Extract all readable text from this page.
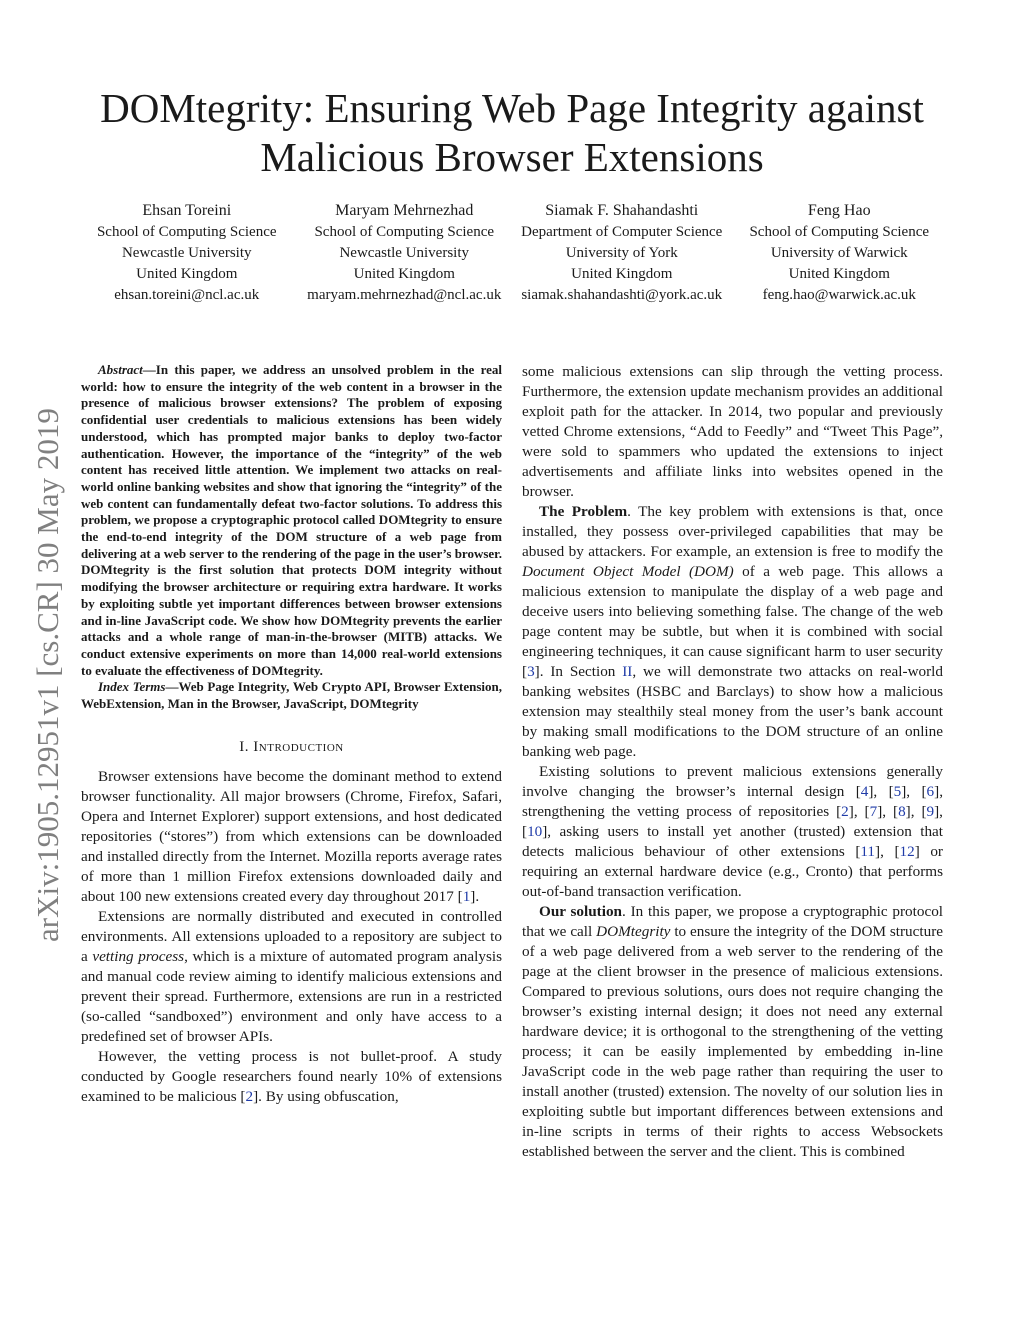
arXiv:1905.12951v1 [cs.CR] 30 May 2019
DOMtegrity: Ensuring Web Page Integrity against Malicious Browser Extensions
Ehsan Toreini
School of Computing Science
Newcastle University
United Kingdom
ehsan.toreini@ncl.ac.uk
Maryam Mehrnezhad
School of Computing Science
Newcastle University
United Kingdom
maryam.mehrnezhad@ncl.ac.uk
Siamak F. Shahandashti
Department of Computer Science
University of York
United Kingdom
siamak.shahandashti@york.ac.uk
Feng Hao
School of Computing Science
University of Warwick
United Kingdom
feng.hao@warwick.ac.uk

Abstract—In this paper, we address an unsolved problem in the real world: how to ensure the integrity of the web content in a browser in the presence of malicious browser extensions? The problem of exposing confidential user credentials to malicious extensions has been widely understood, which has prompted major banks to deploy two-factor authentication. However, the importance of the “integrity” of the web content has received little attention. We implement two attacks on real-world online banking websites and show that ignoring the “integrity” of the web content can fundamentally defeat two-factor solutions. To address this problem, we propose a cryptographic protocol called DOMtegrity to ensure the end-to-end integrity of the DOM structure of a web page from delivering at a web server to the rendering of the page in the user’s browser. DOMtegrity is the first solution that protects DOM integrity without modifying the browser architecture or requiring extra hardware. It works by exploiting subtle yet important differences between browser extensions and in-line JavaScript code. We show how DOMtegrity prevents the earlier attacks and a whole range of man-in-the-browser (MITB) attacks. We conduct extensive experiments on more than 14,000 real-world extensions to evaluate the effectiveness of DOMtegrity.

Index Terms—Web Page Integrity, Web Crypto API, Browser Extension, WebExtension, Man in the Browser, JavaScript, DOMtegrity

I. Introduction

Browser extensions have become the dominant method to extend browser functionality. All major browsers (Chrome, Firefox, Safari, Opera and Internet Explorer) support extensions, and host dedicated repositories (“stores”) from which extensions can be downloaded and installed directly from the Internet. Mozilla reports average rates of more than 1 million Firefox extensions downloaded daily and about 100 new extensions created every day throughout 2017 [1].

Extensions are normally distributed and executed in controlled environments. All extensions uploaded to a repository are subject to a vetting process, which is a mixture of automated program analysis and manual code review aiming to identify malicious extensions and prevent their spread. Furthermore, extensions are run in a restricted (so-called “sandboxed”) environment and only have access to a predefined set of browser APIs.

However, the vetting process is not bullet-proof. A study conducted by Google researchers found nearly 10% of extensions examined to be malicious [2]. By using obfuscation,

some malicious extensions can slip through the vetting process. Furthermore, the extension update mechanism provides an additional exploit path for the attacker. In 2014, two popular and previously vetted Chrome extensions, “Add to Feedly” and “Tweet This Page”, were sold to spammers who updated the extensions to inject advertisements and affiliate links into websites opened in the browser.

The Problem. The key problem with extensions is that, once installed, they possess over-privileged capabilities that may be abused by attackers. For example, an extension is free to modify the Document Object Model (DOM) of a web page. This allows a malicious extension to manipulate the display of a web page and deceive users into believing something false. The change of the web page content may be subtle, but when it is combined with social engineering techniques, it can cause significant harm to user security [3]. In Section II, we will demonstrate two attacks on real-world banking websites (HSBC and Barclays) to show how a malicious extension may stealthily steal money from the user’s bank account by making small modifications to the DOM structure of an online banking web page.

Existing solutions to prevent malicious extensions generally involve changing the browser’s internal design [4], [5], [6], strengthening the vetting process of repositories [2], [7], [8], [9], [10], asking users to install yet another (trusted) extension that detects malicious behaviour of other extensions [11], [12] or requiring an external hardware device (e.g., Cronto) that performs out-of-band transaction verification.

Our solution. In this paper, we propose a cryptographic protocol that we call DOMtegrity to ensure the integrity of the DOM structure of a web page delivered from a web server to the rendering of the page at the client browser in the presence of malicious extensions. Compared to previous solutions, ours does not require changing the browser’s existing internal design; it does not need any external hardware device; it is orthogonal to the strengthening of the vetting process; it can be easily implemented by embedding in-line JavaScript code in the web page rather than requiring the user to install another (trusted) extension. The novelty of our solution lies in exploiting subtle but important differences between extensions and in-line scripts in terms of their rights to access Websockets established between the server and the client. This is combined
